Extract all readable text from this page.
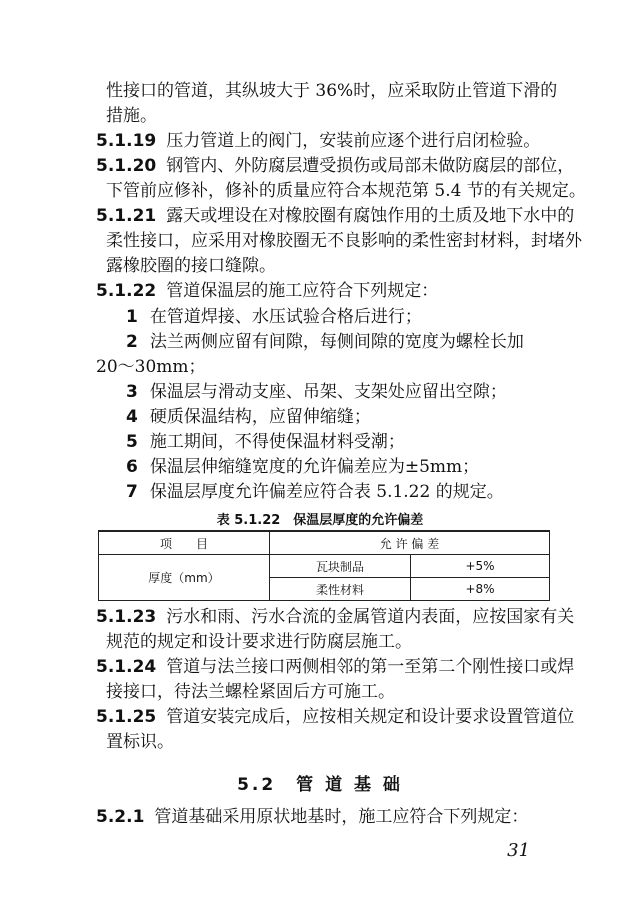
性接口的管道，其纵坡大于 36%时，应采取防止管道下滑的
措施。
5.1.19 压力管道上的阀门，安装前应逐个进行启闭检验。
5.1.20 钢管内、外防腐层遭受损伤或局部未做防腐层的部位，
下管前应修补，修补的质量应符合本规范第 5.4 节的有关规定。
5.1.21 露天或埋设在对橡胶圈有腐蚀作用的土质及地下水中的
柔性接口，应采用对橡胶圈无不良影响的柔性密封材料，封堵外
露橡胶圈的接口缝隙。
5.1.22 管道保温层的施工应符合下列规定：
1 在管道焊接、水压试验合格后进行；
2 法兰两侧应留有间隙，每侧间隙的宽度为螺栓长加
20～30mm；
3 保温层与滑动支座、吊架、支架处应留出空隙；
4 硬质保温结构，应留伸缩缝；
5 施工期间，不得使保温材料受潮；
6 保温层伸缩缝宽度的允许偏差应为±5mm；
7 保温层厚度允许偏差应符合表 5.1.22 的规定。
表 5.1.22　保温层厚度的允许偏差
项　　目	允 许 偏 差	
厚度（mm）	瓦块制品	+5%
	柔性材料	+8%
5.1.23 污水和雨、污水合流的金属管道内表面，应按国家有关
规范的规定和设计要求进行防腐层施工。
5.1.24 管道与法兰接口两侧相邻的第一至第二个刚性接口或焊
接接口，待法兰螺栓紧固后方可施工。
5.1.25 管道安装完成后，应按相关规定和设计要求设置管道位
置标识。
5.2　管 道 基 础
5.2.1 管道基础采用原状地基时，施工应符合下列规定：
31
